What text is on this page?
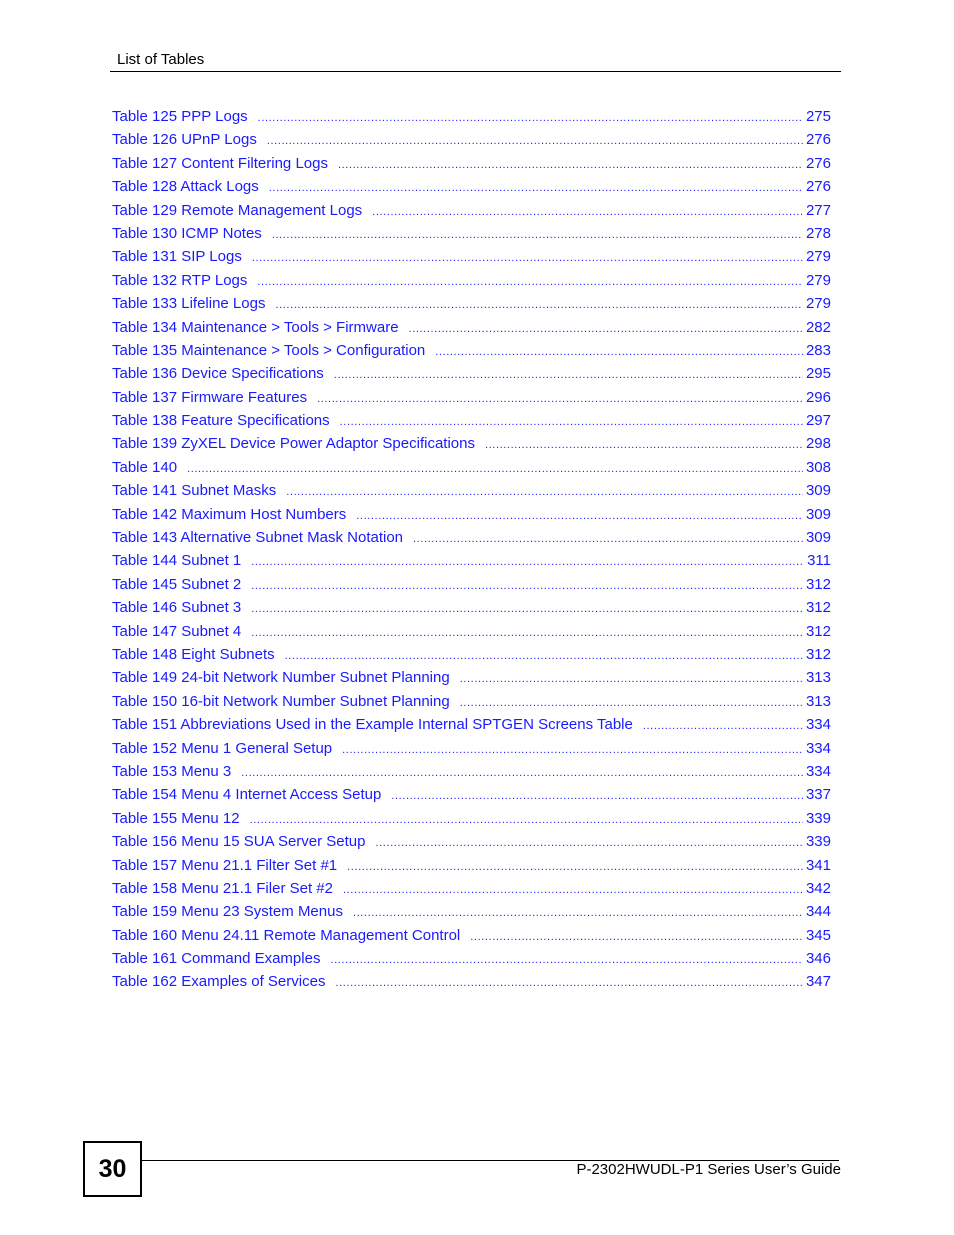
List of Tables
Table 125 PPP Logs .....	275
Table 126 UPnP Logs .....	276
Table 127 Content Filtering Logs .....	276
Table 128 Attack Logs .....	276
Table 129 Remote Management Logs .....	277
Table 130 ICMP Notes .....	278
Table 131 SIP Logs .....	279
Table 132 RTP Logs .....	279
Table 133 Lifeline Logs .....	279
Table 134 Maintenance > Tools > Firmware .....	282
Table 135 Maintenance > Tools > Configuration .....	283
Table 136 Device Specifications .....	295
Table 137 Firmware Features .....	296
Table 138 Feature Specifications .....	297
Table 139 ZyXEL Device Power Adaptor Specifications .....	298
Table 140 .....	308
Table 141 Subnet Masks .....	309
Table 142 Maximum Host Numbers .....	309
Table 143 Alternative Subnet Mask Notation .....	309
Table 144 Subnet 1 .....	311
Table 145 Subnet 2 .....	312
Table 146 Subnet 3 .....	312
Table 147 Subnet 4 .....	312
Table 148 Eight Subnets .....	312
Table 149 24-bit Network Number Subnet Planning .....	313
Table 150 16-bit Network Number Subnet Planning .....	313
Table 151 Abbreviations Used in the Example Internal SPTGEN Screens Table .....	334
Table 152 Menu 1 General Setup .....	334
Table 153 Menu 3 .....	334
Table 154 Menu 4 Internet Access Setup .....	337
Table 155 Menu 12 .....	339
Table 156 Menu 15 SUA Server Setup .....	339
Table 157 Menu 21.1 Filter Set #1 .....	341
Table 158 Menu 21.1 Filer Set #2 .....	342
Table 159 Menu 23 System Menus .....	344
Table 160 Menu 24.11 Remote Management Control .....	345
Table 161 Command Examples .....	346
Table 162 Examples of Services .....	347
30	P-2302HWUDL-P1 Series User’s Guide
